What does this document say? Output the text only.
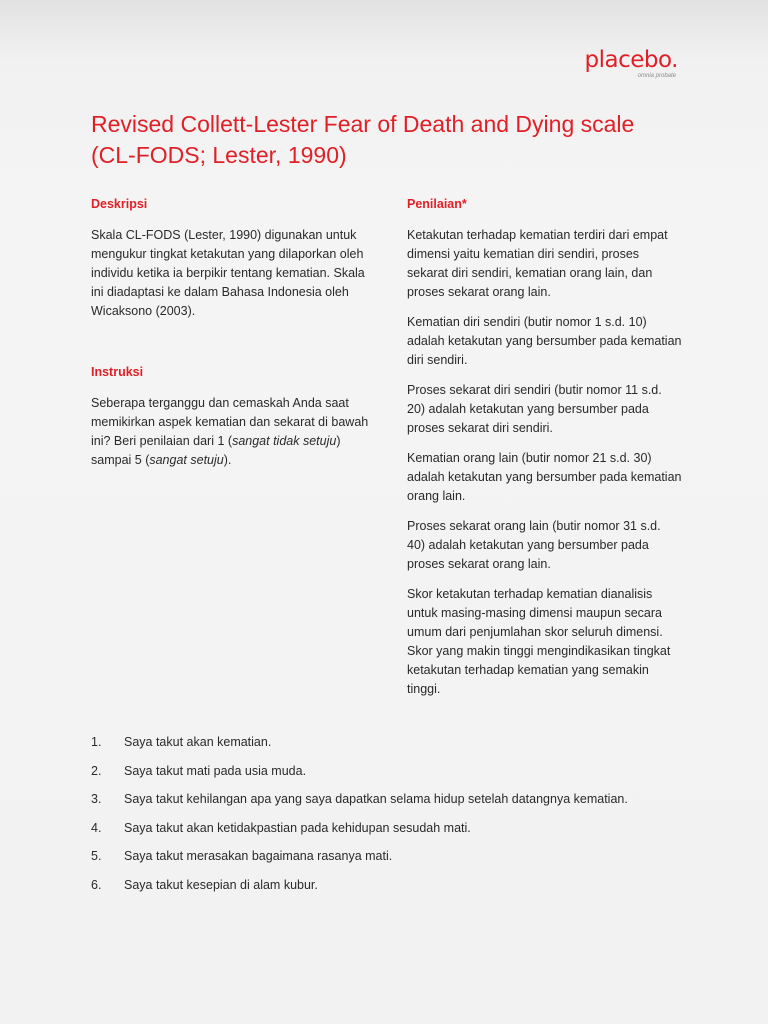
placebo.
omnia probate
Revised Collett-Lester Fear of Death and Dying scale (CL-FODS; Lester, 1990)
Deskripsi

Skala CL-FODS (Lester, 1990) digunakan untuk mengukur tingkat ketakutan yang dilaporkan oleh individu ketika ia berpikir tentang kematian. Skala ini diadaptasi ke dalam Bahasa Indonesia oleh Wicaksono (2003).

Instruksi

Seberapa terganggu dan cemaskah Anda saat memikirkan aspek kematian dan sekarat di bawah ini? Beri penilaian dari 1 (sangat tidak setuju) sampai 5 (sangat setuju).

Penilaian*

Ketakutan terhadap kematian terdiri dari empat dimensi yaitu kematian diri sendiri, proses sekarat diri sendiri, kematian orang lain, dan proses sekarat orang lain.

Kematian diri sendiri (butir nomor 1 s.d. 10) adalah ketakutan yang bersumber pada kematian diri sendiri.

Proses sekarat diri sendiri (butir nomor 11 s.d. 20) adalah ketakutan yang bersumber pada proses sekarat diri sendiri.

Kematian orang lain (butir nomor 21 s.d. 30) adalah ketakutan yang bersumber pada kematian orang lain.

Proses sekarat orang lain (butir nomor 31 s.d. 40) adalah ketakutan yang bersumber pada proses sekarat orang lain.

Skor ketakutan terhadap kematian dianalisis untuk masing-masing dimensi maupun secara umum dari penjumlahan skor seluruh dimensi. Skor yang makin tinggi mengindikasikan tingkat ketakutan terhadap kematian yang semakin tinggi.

1.	Saya takut akan kematian.
2.	Saya takut mati pada usia muda.
3.	Saya takut kehilangan apa yang saya dapatkan selama hidup setelah datangnya kematian.
4.	Saya takut akan ketidakpastian pada kehidupan sesudah mati.
5.	Saya takut merasakan bagaimana rasanya mati.
6.	Saya takut kesepian di alam kubur.
